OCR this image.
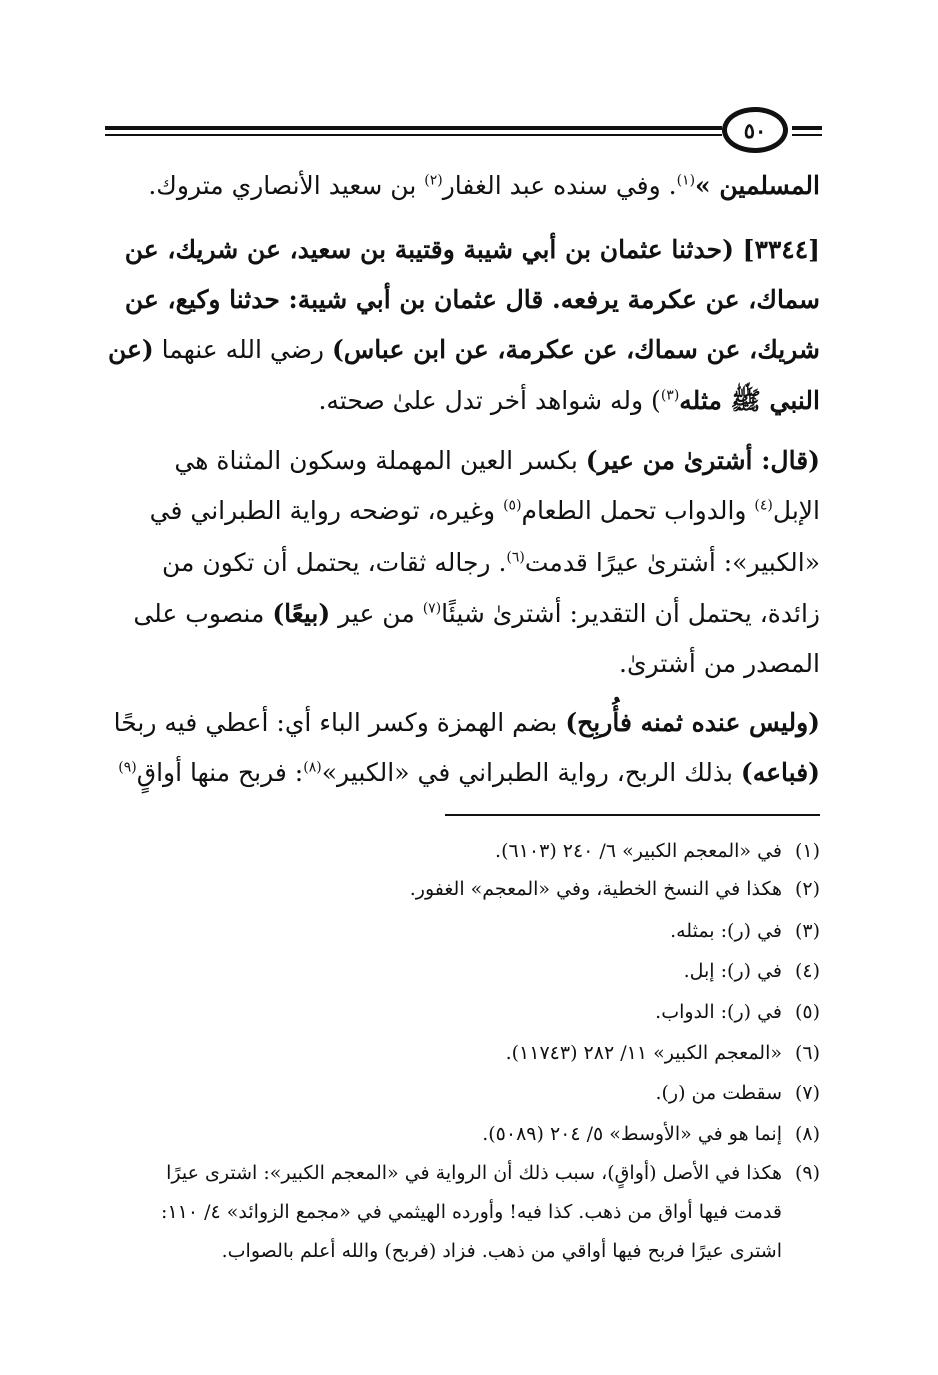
٥٠
المسلمين »$^{(١)}$. وفي سنده عبد الغفار$^{(٢)}$ بن سعيد الأنصاري متروك.
[٣٣٤٤] (حدثنا عثمان بن أبي شيبة وقتيبة بن سعيد، عن شريك، عن
سماك، عن عكرمة يرفعه. قال عثمان بن أبي شيبة: حدثنا وكيع، عن
شريك، عن سماك، عن عكرمة، عن ابن عباس) رضي الله عنهما (عن
النبي ﷺ مثله$^{(٣)}$) وله شواهد أخر تدل علىٰ صحته.
(قال: أشترىٰ من عير) بكسر العين المهملة وسكون المثناة هي
الإبل$^{(٤)}$ والدواب تحمل الطعام$^{(٥)}$ وغيره، توضحه رواية الطبراني في
«الكبير»: أشترىٰ عيرًا قدمت$^{(٦)}$. رجاله ثقات، يحتمل أن تكون من
زائدة، يحتمل أن التقدير: أشترىٰ شيئًا$^{(٧)}$ من عير (بيعًا) منصوب على
المصدر من أشترىٰ.
(وليس عنده ثمنه فأُربِح) بضم الهمزة وكسر الباء أي: أعطي فيه ربحًا
(فباعه) بذلك الربح، رواية الطبراني في «الكبير»$^{(٨)}$: فربح منها أواقٍ$^{(٩)}$
(١)في «المعجم الكبير» ٦/ ٢٤٠ (٦١٠٣).
(٢)هكذا في النسخ الخطية، وفي «المعجم» الغفور.
(٣)في (ر): بمثله.
(٤)في (ر): إبل.
(٥)في (ر): الدواب.
(٦)«المعجم الكبير» ١١/ ٢٨٢ (١١٧٤٣).
(٧)سقطت من (ر).
(٨)إنما هو في «الأوسط» ٥/ ٢٠٤ (٥٠٨٩).
(٩)هكذا في الأصل (أواقٍ)، سبب ذلك أن الرواية في «المعجم الكبير»: اشترى عيرًا
قدمت فيها أواق من ذهب. كذا فيه! وأورده الهيثمي في «مجمع الزوائد» ٤/ ١١٠:
اشترى عيرًا فربح فيها أواقي من ذهب. فزاد (فربح) والله أعلم بالصواب.
